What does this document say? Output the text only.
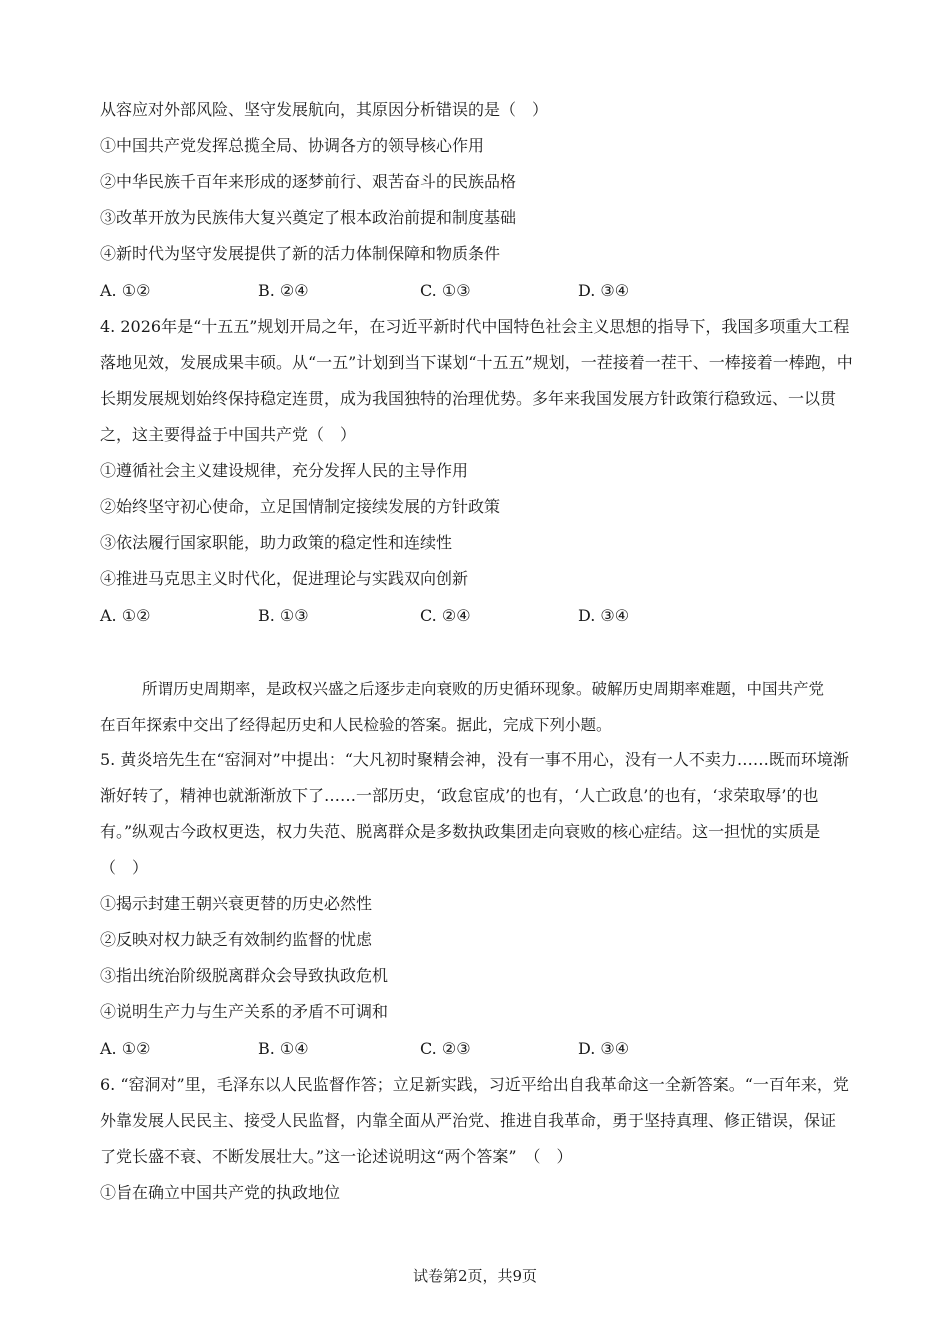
从容应对外部风险、坚守发展航向，其原因分析错误的是（　）
①中国共产党发挥总揽全局、协调各方的领导核心作用
②中华民族千百年来形成的逐梦前行、艰苦奋斗的民族品格
③改革开放为民族伟大复兴奠定了根本政治前提和制度基础
④新时代为坚守发展提供了新的活力体制保障和物质条件
A. ①②	B. ②④	C. ①③	D. ③④
4. 2026年是“十五五”规划开局之年，在习近平新时代中国特色社会主义思想的指导下，我国多项重大工程
落地见效，发展成果丰硕。从“一五”计划到当下谋划“十五五”规划，一茬接着一茬干、一棒接着一棒跑，中
长期发展规划始终保持稳定连贯，成为我国独特的治理优势。多年来我国发展方针政策行稳致远、一以贯
之，这主要得益于中国共产党（　）
①遵循社会主义建设规律，充分发挥人民的主导作用
②始终坚守初心使命，立足国情制定接续发展的方针政策
③依法履行国家职能，助力政策的稳定性和连续性
④推进马克思主义时代化，促进理论与实践双向创新
A. ①②	B. ①③	C. ②④	D. ③④
所谓历史周期率，是政权兴盛之后逐步走向衰败的历史循环现象。破解历史周期率难题，中国共产党
在百年探索中交出了经得起历史和人民检验的答案。据此，完成下列小题。
5. 黄炎培先生在“窑洞对”中提出：“大凡初时聚精会神，没有一事不用心，没有一人不卖力……既而环境渐
渐好转了，精神也就渐渐放下了……一部历史，‘政怠宦成’的也有，‘人亡政息’的也有，‘求荣取辱’的也
有。”纵观古今政权更迭，权力失范、脱离群众是多数执政集团走向衰败的核心症结。这一担忧的实质是
（　）
①揭示封建王朝兴衰更替的历史必然性
②反映对权力缺乏有效制约监督的忧虑
③指出统治阶级脱离群众会导致执政危机
④说明生产力与生产关系的矛盾不可调和
A. ①②	B. ①④	C. ②③	D. ③④
6. “窑洞对”里，毛泽东以人民监督作答；立足新实践，习近平给出自我革命这一全新答案。“一百年来，党
外靠发展人民民主、接受人民监督，内靠全面从严治党、推进自我革命，勇于坚持真理、修正错误，保证
了党长盛不衰、不断发展壮大。”这一论述说明这“两个答案”　（　）
①旨在确立中国共产党的执政地位
试卷第2页，共9页
